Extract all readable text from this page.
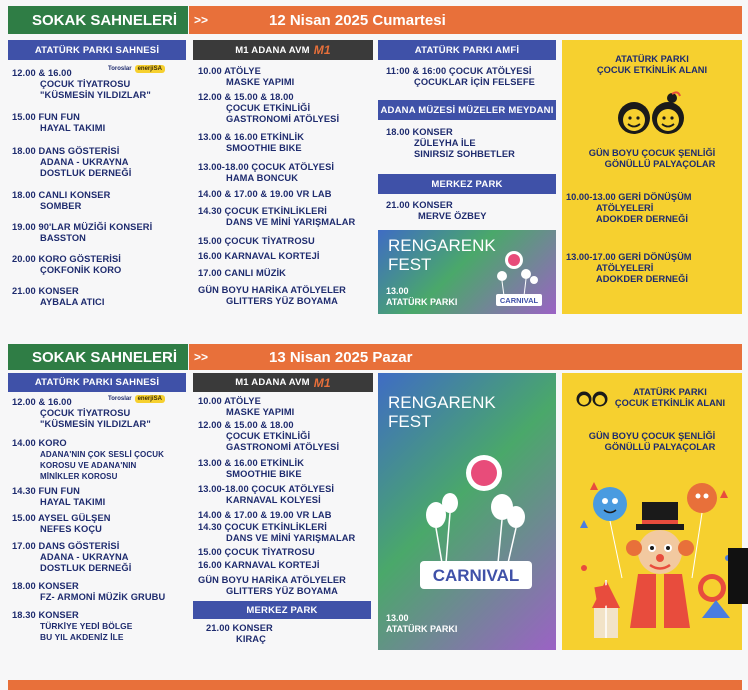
SOKAK SAHNELERİ	>>	12 Nisan 2025 Cumartesi
ATATÜRK PARKI SAHNESİ
Toroslar enerjiSA
12.00 & 16.00
ÇOCUK TİYATROSU
"KÜSMESİN YILDIZLAR"
15.00 FUN FUN
HAYAL TAKIMI
18.00 DANS GÖSTERİSİ
ADANA - UKRAYNA
DOSTLUK DERNEĞİ
18.00 CANLI KONSER
SOMBER
19.00 90'LAR MÜZİĞİ KONSERİ
BASSTON
20.00 KORO GÖSTERİSİ
ÇOKFONİK KORO
21.00 KONSER
AYBALA ATICI
M1 ADANA AVM M1
10.00 ATÖLYE
MASKE YAPIMI
12.00 & 15.00 & 18.00
ÇOCUK ETKİNLİĞİ
GASTRONOMİ ATÖLYESİ
13.00 & 16.00 ETKİNLİK
SMOOTHIE BIKE
13.00-18.00 ÇOCUK ATÖLYESİ
HAMA BONCUK
14.00 & 17.00 & 19.00 VR LAB
14.30 ÇOCUK ETKİNLİKLERİ
DANS VE MİNİ YARIŞMALAR
15.00 ÇOCUK TİYATROSU
16.00 KARNAVAL KORTEJİ
17.00 CANLI MÜZİK
GÜN BOYU HARİKA ATÖLYELER
GLITTERS YÜZ BOYAMA
ATATÜRK PARKI AMFİ
11:00 & 16:00 ÇOCUK ATÖLYESİ
ÇOCUKLAR İÇİN FELSEFE
ADANA MÜZESİ MÜZELER MEYDANI
18.00 KONSER
ZÜLEYHA İLE
SINIRSIZ SOHBETLER
MERKEZ PARK
21.00 KONSER
MERVE ÖZBEY
RENGARENK
FEST
13.00
ATATÜRK PARKI	CARNIVAL
ATATÜRK PARKI
ÇOCUK ETKİNLİK ALANI
GÜN BOYU ÇOCUK ŞENLİĞİ
GÖNÜLLÜ PALYAÇOLAR
10.00-13.00 GERİ DÖNÜŞÜM
ATÖLYELERİ
ADOKDER DERNEĞİ
13.00-17.00 GERİ DÖNÜŞÜM
ATÖLYELERİ
ADOKDER DERNEĞİ
SOKAK SAHNELERİ	>>	13 Nisan 2025 Pazar
ATATÜRK PARKI SAHNESİ
Toroslar enerjiSA
12.00 & 16.00
ÇOCUK TİYATROSU
"KÜSMESİN YILDIZLAR"
14.00 KORO
ADANA'NIN ÇOK SESLİ ÇOCUK
KOROSU VE ADANA'NIN
MİNİKLER KOROSU
14.30 FUN FUN
HAYAL TAKIMI
15.00 AYSEL GÜLŞEN
NEFES KOÇU
17.00 DANS GÖSTERİSİ
ADANA - UKRAYNA
DOSTLUK DERNEĞİ
18.00 KONSER
FZ- ARMONİ MÜZİK GRUBU
18.30 KONSER
TÜRKİYE YEDİ BÖLGE
BU YIL AKDENİZ İLE
M1 ADANA AVM M1
10.00 ATÖLYE
MASKE YAPIMI
12.00 & 15.00 & 18.00
ÇOCUK ETKİNLİĞİ
GASTRONOMİ ATÖLYESİ
13.00 & 16.00 ETKİNLİK
SMOOTHIE BIKE
13.00-18.00 ÇOCUK ATÖLYESİ
KARNAVAL KOLYESİ
14.00 & 17.00 & 19.00 VR LAB
14.30 ÇOCUK ETKİNLİKLERİ
DANS VE MİNİ YARIŞMALAR
15.00 ÇOCUK TİYATROSU
16.00 KARNAVAL KORTEJİ
GÜN BOYU HARİKA ATÖLYELER
GLITTERS YÜZ BOYAMA
MERKEZ PARK
21.00 KONSER
KIRAÇ
RENGARENK
FEST
CARNIVAL
13.00
ATATÜRK PARKI
ATATÜRK PARKI
ÇOCUK ETKİNLİK ALANI
GÜN BOYU ÇOCUK ŞENLİĞİ
GÖNÜLLÜ PALYAÇOLAR
